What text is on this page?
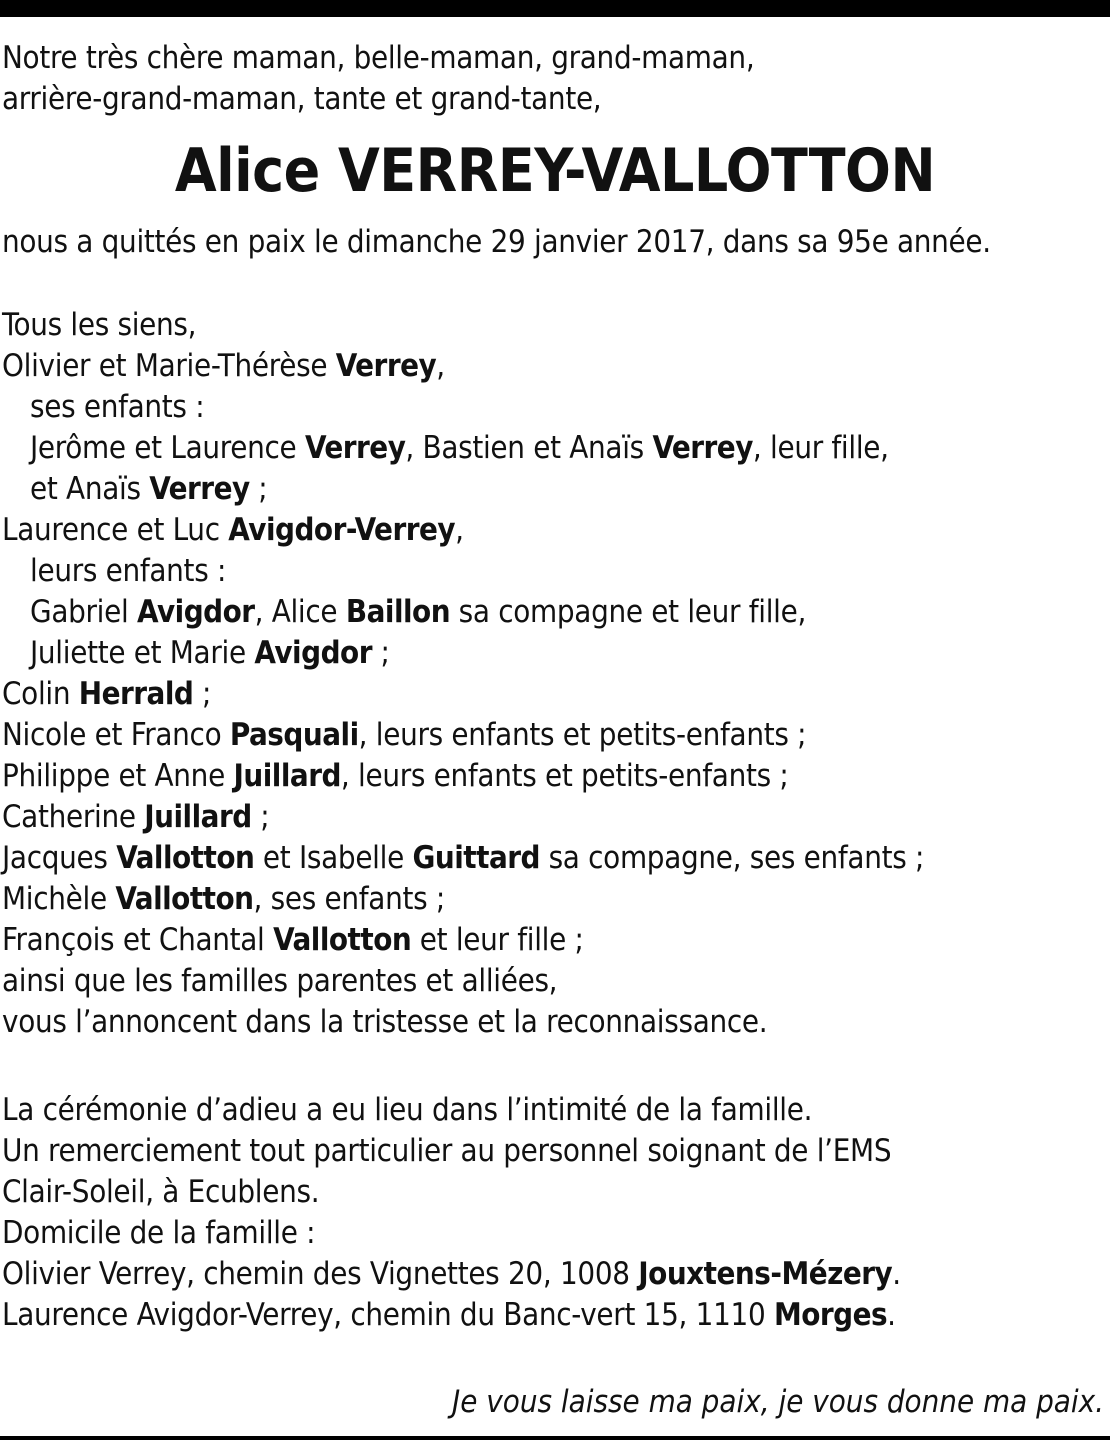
Notre très chère maman, belle-maman, grand-maman,
arrière-grand-maman, tante et grand-tante,
Alice VERREY-VALLOTTON
nous a quittés en paix le dimanche 29 janvier 2017, dans sa 95e année.
Tous les siens,
Olivier et Marie-Thérèse Verrey,
ses enfants :
Jerôme et Laurence Verrey, Bastien et Anaïs Verrey, leur fille,
et Anaïs Verrey ;
Laurence et Luc Avigdor-Verrey,
leurs enfants :
Gabriel Avigdor, Alice Baillon sa compagne et leur fille,
Juliette et Marie Avigdor ;
Colin Herrald ;
Nicole et Franco Pasquali, leurs enfants et petits-enfants ;
Philippe et Anne Juillard, leurs enfants et petits-enfants ;
Catherine Juillard ;
Jacques Vallotton et Isabelle Guittard sa compagne, ses enfants ;
Michèle Vallotton, ses enfants ;
François et Chantal Vallotton et leur fille ;
ainsi que les familles parentes et alliées,
vous l’annoncent dans la tristesse et la reconnaissance.
La cérémonie d’adieu a eu lieu dans l’intimité de la famille.
Un remerciement tout particulier au personnel soignant de l’EMS
Clair-Soleil, à Ecublens.
Domicile de la famille :
Olivier Verrey, chemin des Vignettes 20, 1008 Jouxtens-Mézery.
Laurence Avigdor-Verrey, chemin du Banc-vert 15, 1110 Morges.
Je vous laisse ma paix, je vous donne ma paix.
